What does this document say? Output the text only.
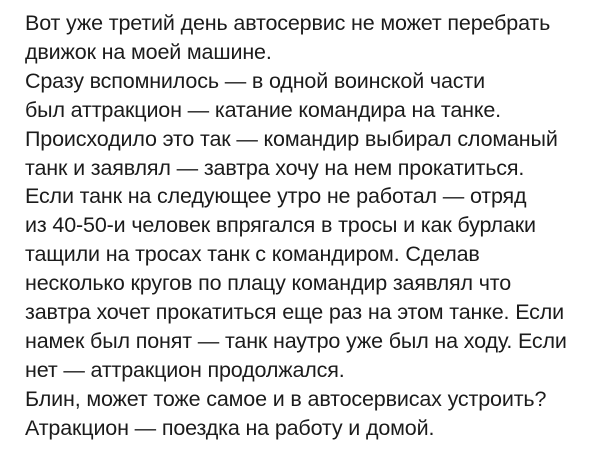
Вот уже третий день автосервис не может перебрать
движок на моей машине.
Сразу вспомнилось — в одной воинской части
был аттракцион — катание командира на танке.
Происходило это так — командир выбирал сломаный
танк и заявлял — завтра хочу на нем прокатиться.
Если танк на следующее утро не работал — отряд
из 40-50-и человек впрягался в тросы и как бурлаки
тащили на тросах танк с командиром. Сделав
несколько кругов по плацу командир заявлял что
завтра хочет прокатиться еще раз на этом танке. Если
намек был понят — танк наутро уже был на ходу. Если
нет — аттракцион продолжался.
Блин, может тоже самое и в автосервисах устроить?
Атракцион — поездка на работу и домой.
